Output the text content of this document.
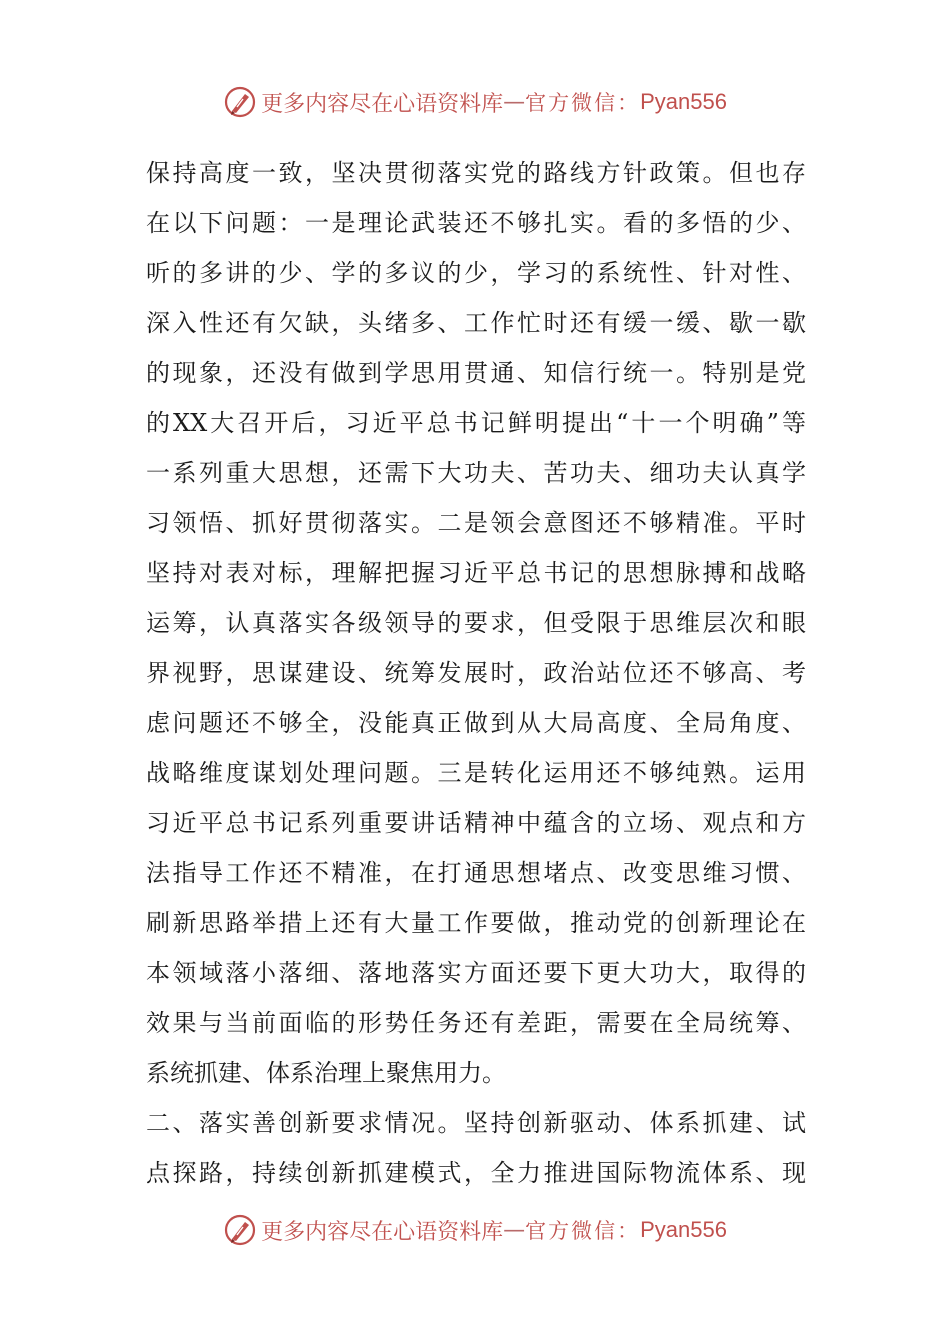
更多内容尽在心语资料库 — 官方微信： Pyan556
保持高度一致，坚决贯彻落实党的路线方针政策。但也存
在以下问题：一是理论武装还不够扎实。看的多悟的少、
听的多讲的少、学的多议的少，学习的系统性、针对性、
深入性还有欠缺，头绪多、工作忙时还有缓一缓、歇一歇
的现象，还没有做到学思用贯通、知信行统一。特别是党
的XX大召开后，习近平总书记鲜明提出“十一个明确”等
一系列重大思想，还需下大功夫、苦功夫、细功夫认真学
习领悟、抓好贯彻落实。二是领会意图还不够精准。平时
坚持对表对标，理解把握习近平总书记的思想脉搏和战略
运筹，认真落实各级领导的要求，但受限于思维层次和眼
界视野，思谋建设、统筹发展时，政治站位还不够高、考
虑问题还不够全，没能真正做到从大局高度、全局角度、
战略维度谋划处理问题。三是转化运用还不够纯熟。运用
习近平总书记系列重要讲话精神中蕴含的立场、观点和方
法指导工作还不精准，在打通思想堵点、改变思维习惯、
刷新思路举措上还有大量工作要做，推动党的创新理论在
本领域落小落细、落地落实方面还要下更大功大，取得的
效果与当前面临的形势任务还有差距，需要在全局统筹、
系统抓建、体系治理上聚焦用力。
二、落实善创新要求情况。坚持创新驱动、体系抓建、试
点探路，持续创新抓建模式，全力推进国际物流体系、现
更多内容尽在心语资料库 — 官方微信： Pyan556
